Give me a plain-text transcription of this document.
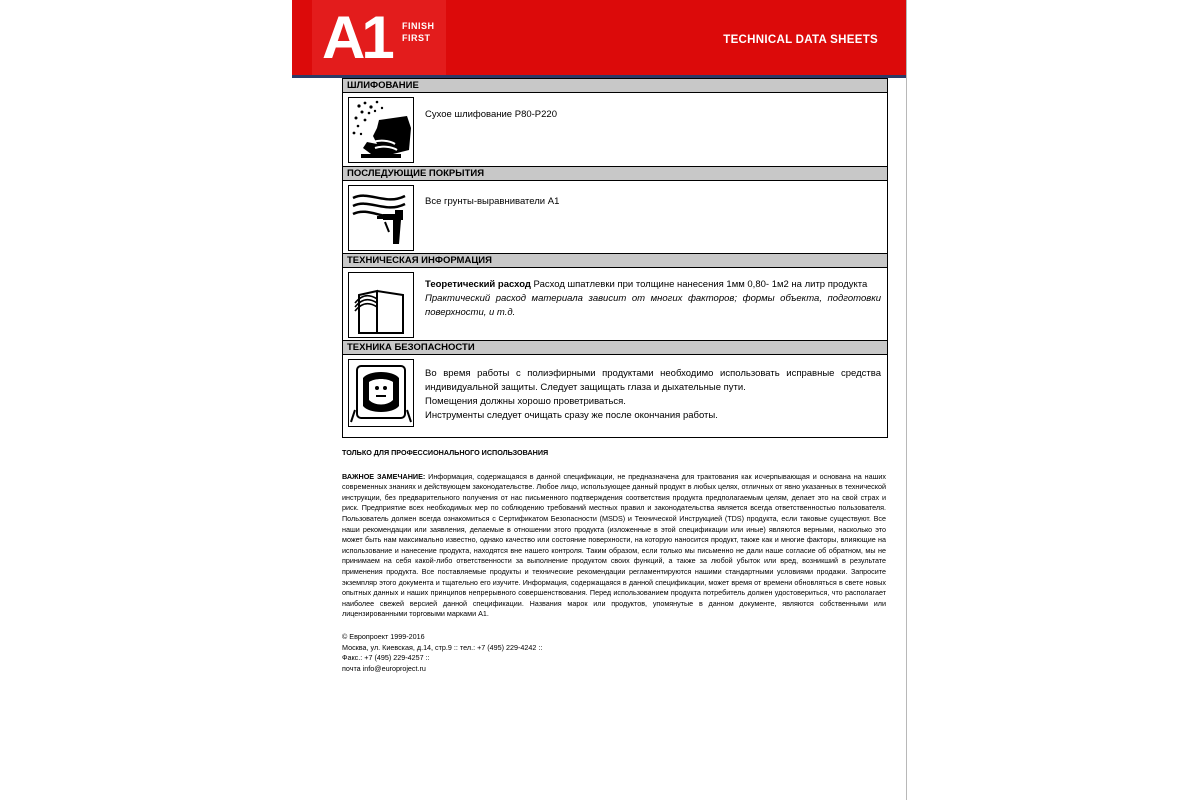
A1 FINISH
FIRST	TECHNICAL DATA SHEETS
ШЛИФОВАНИЕ

Сухое шлифование Р80-Р220

ПОСЛЕДУЮЩИЕ ПОКРЫТИЯ

Все грунты-выравниватели А1

ТЕХНИЧЕСКАЯ ИНФОРМАЦИЯ

Теоретический расход Расход шпатлевки при толщине нанесения 1мм 0,80- 1м2 на литр продукта

Практический расход материала зависит от многих факторов; формы объекта, подготовки поверхности, и т.д.

ТЕХНИКА БЕЗОПАСНОСТИ

Во время работы с полиэфирными продуктами необходимо использовать исправные средства индивидуальной защиты. Следует защищать глаза и дыхательные пути.

Помещения должны хорошо проветриваться.

Инструменты следует очищать сразу же после окончания работы.

ТОЛЬКО ДЛЯ ПРОФЕССИОНАЛЬНОГО ИСПОЛЬЗОВАНИЯ

ВАЖНОЕ ЗАМЕЧАНИЕ: Информация, содержащаяся в данной спецификации, не предназначена для трактования как исчерпывающая и основана на наших современных знаниях и действующем законодательстве. Любое лицо, использующее данный продукт в любых целях, отличных от явно указанных в технической инструкции, без предварительного получения от нас письменного подтверждения соответствия продукта предполагаемым целям, делает это на свой страх и риск. Предприятие всех необходимых мер по соблюдению требований местных правил и законодательства является всегда ответственностью пользователя. Пользователь должен всегда ознакомиться с Сертификатом Безопасности (MSDS) и Технической Инструкцией (TDS) продукта, если таковые существуют. Все наши рекомендации или заявления, делаемые в отношении этого продукта (изложенные в этой спецификации или иные) являются верными, насколько это может быть нам максимально известно, однако качество или состояние поверхности, на которую наносится продукт, также как и многие факторы, влияющие на использование и нанесение продукта, находятся вне нашего контроля. Таким образом, если только мы письменно не дали наше согласие об обратном, мы не принимаем на себя какой-либо ответственности за выполнение продуктом своих функций, а также за любой убыток или вред, возникший в результате применения продукта. Все поставляемые продукты и технические рекомендации регламентируются нашими стандартными условиями продажи. Запросите экземпляр этого документа и тщательно его изучите. Информация, содержащаяся в данной спецификации, может время от времени обновляться в свете новых опытных данных и наших принципов непрерывного совершенствования. Перед использованием продукта потребитель должен удостовериться, что располагает наиболее свежей версией данной спецификации. Названия марок или продуктов, упомянутые в данном документе, являются собственными или лицензированными торговыми марками А1.

© Европроект 1999-2016

Москва, ул. Киевская, д.14, стр.9 :: тел.: +7 (495) 229-4242 ::

Факс.: +7 (495) 229-4257 ::

почта info@europroject.ru
